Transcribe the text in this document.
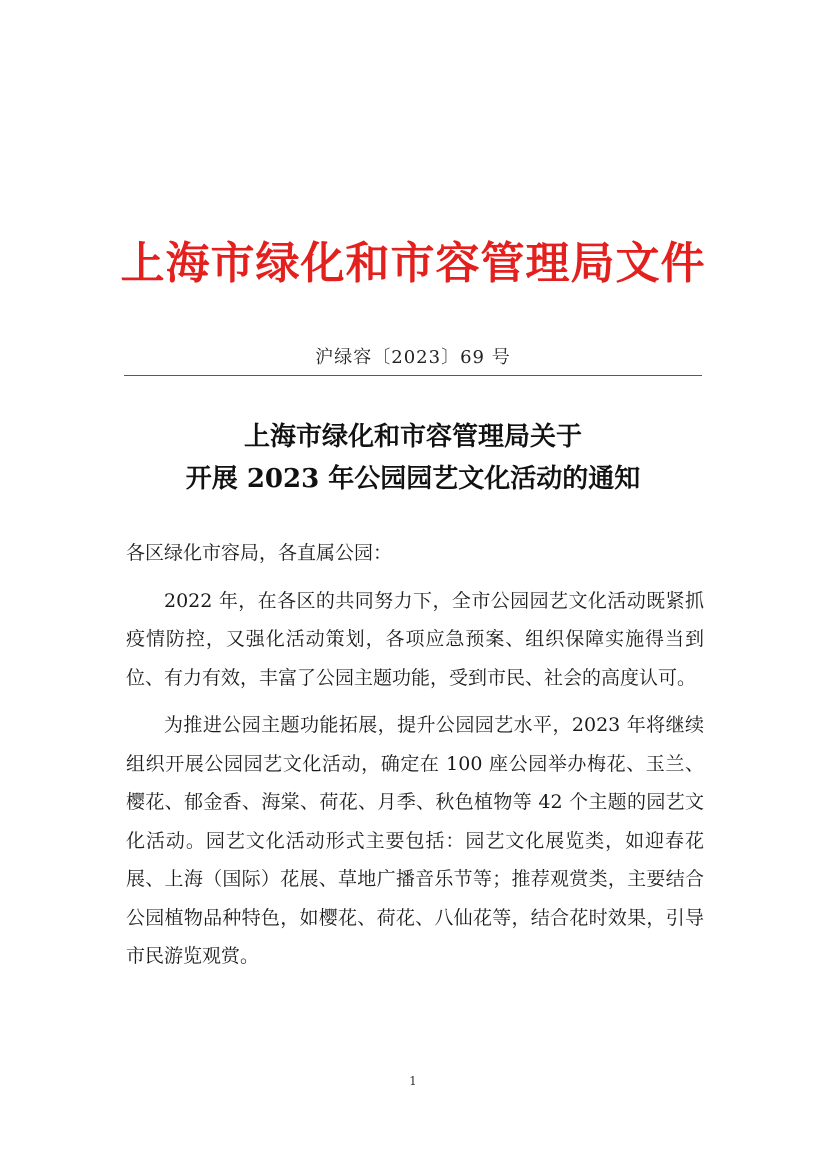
上海市绿化和市容管理局文件
沪绿容〔2023〕69 号
上海市绿化和市容管理局关于
开展 2023 年公园园艺文化活动的通知

各区绿化市容局，各直属公园：

2022 年，在各区的共同努力下，全市公园园艺文化活动既紧抓疫情防控，又强化活动策划，各项应急预案、组织保障实施得当到位、有力有效，丰富了公园主题功能，受到市民、社会的高度认可。

为推进公园主题功能拓展，提升公园园艺水平，2023 年将继续组织开展公园园艺文化活动，确定在 100 座公园举办梅花、玉兰、樱花、郁金香、海棠、荷花、月季、秋色植物等 42 个主题的园艺文化活动。园艺文化活动形式主要包括：园艺文化展览类，如迎春花展、上海（国际）花展、草地广播音乐节等；推荐观赏类，主要结合公园植物品种特色，如樱花、荷花、八仙花等，结合花时效果，引导市民游览观赏。

1
